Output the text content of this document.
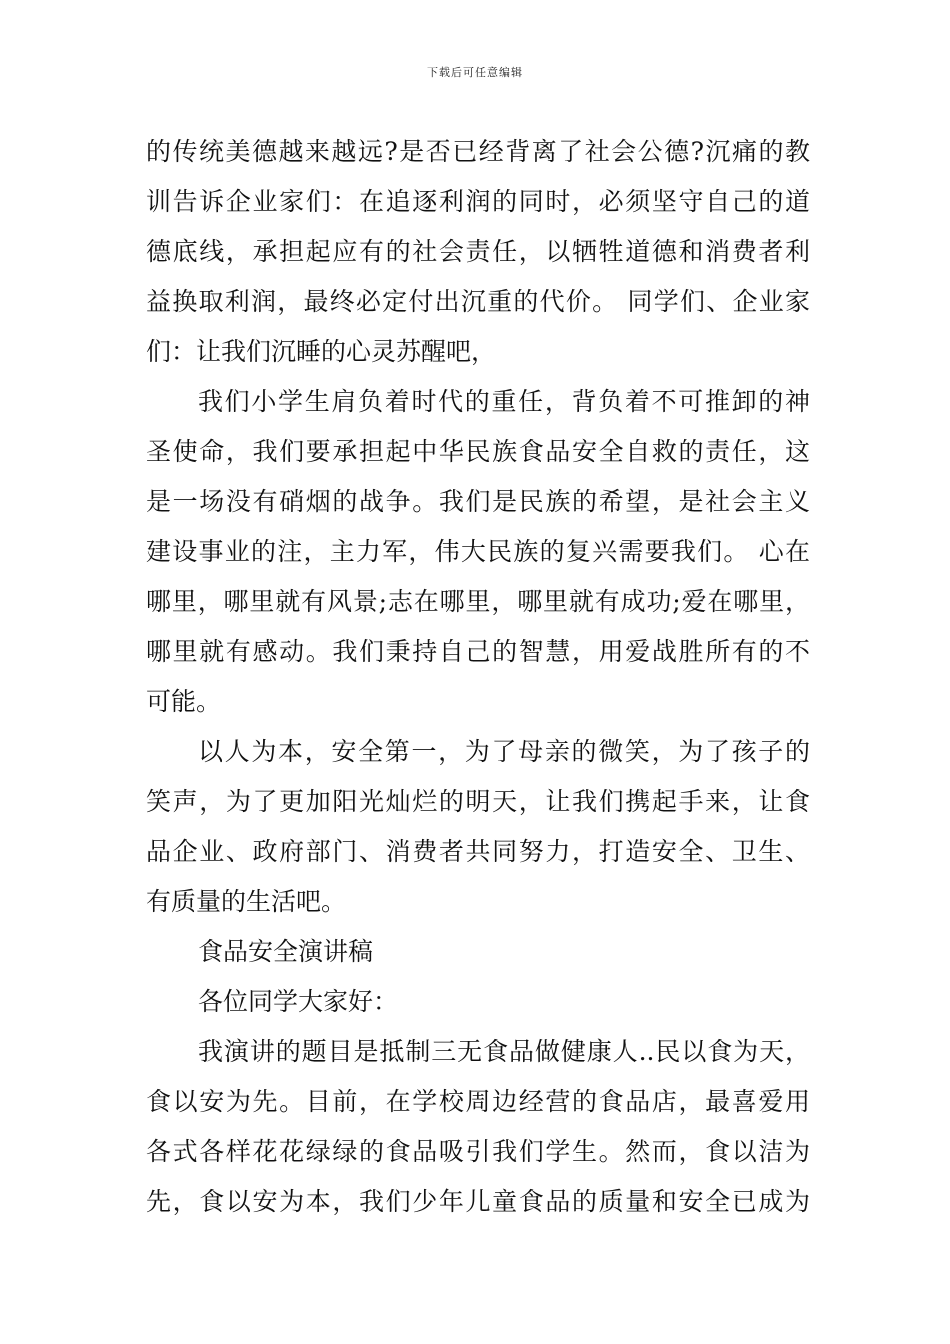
下载后可任意编辑
的传统美德越来越远?是否已经背离了社会公德?沉痛的教
训告诉企业家们：在追逐利润的同时，必须坚守自己的道
德底线，承担起应有的社会责任，以牺牲道德和消费者利
益换取利润，最终必定付出沉重的代价。 同学们、企业家
们：让我们沉睡的心灵苏醒吧，
我们小学生肩负着时代的重任，背负着不可推卸的神
圣使命，我们要承担起中华民族食品安全自救的责任，这
是一场没有硝烟的战争。我们是民族的希望，是社会主义
建设事业的注，主力军，伟大民族的复兴需要我们。 心在
哪里，哪里就有风景;志在哪里，哪里就有成功;爱在哪里，
哪里就有感动。我们秉持自己的智慧，用爱战胜所有的不
可能。
以人为本，安全第一，为了母亲的微笑，为了孩子的
笑声，为了更加阳光灿烂的明天，让我们携起手来，让食
品企业、政府部门、消费者共同努力，打造安全、卫生、
有质量的生活吧。
食品安全演讲稿
各位同学大家好：
我演讲的题目是抵制三无食品做健康人..民以食为天，
食以安为先。目前，在学校周边经营的食品店，最喜爱用
各式各样花花绿绿的食品吸引我们学生。然而，食以洁为
先，食以安为本，我们少年儿童食品的质量和安全已成为
